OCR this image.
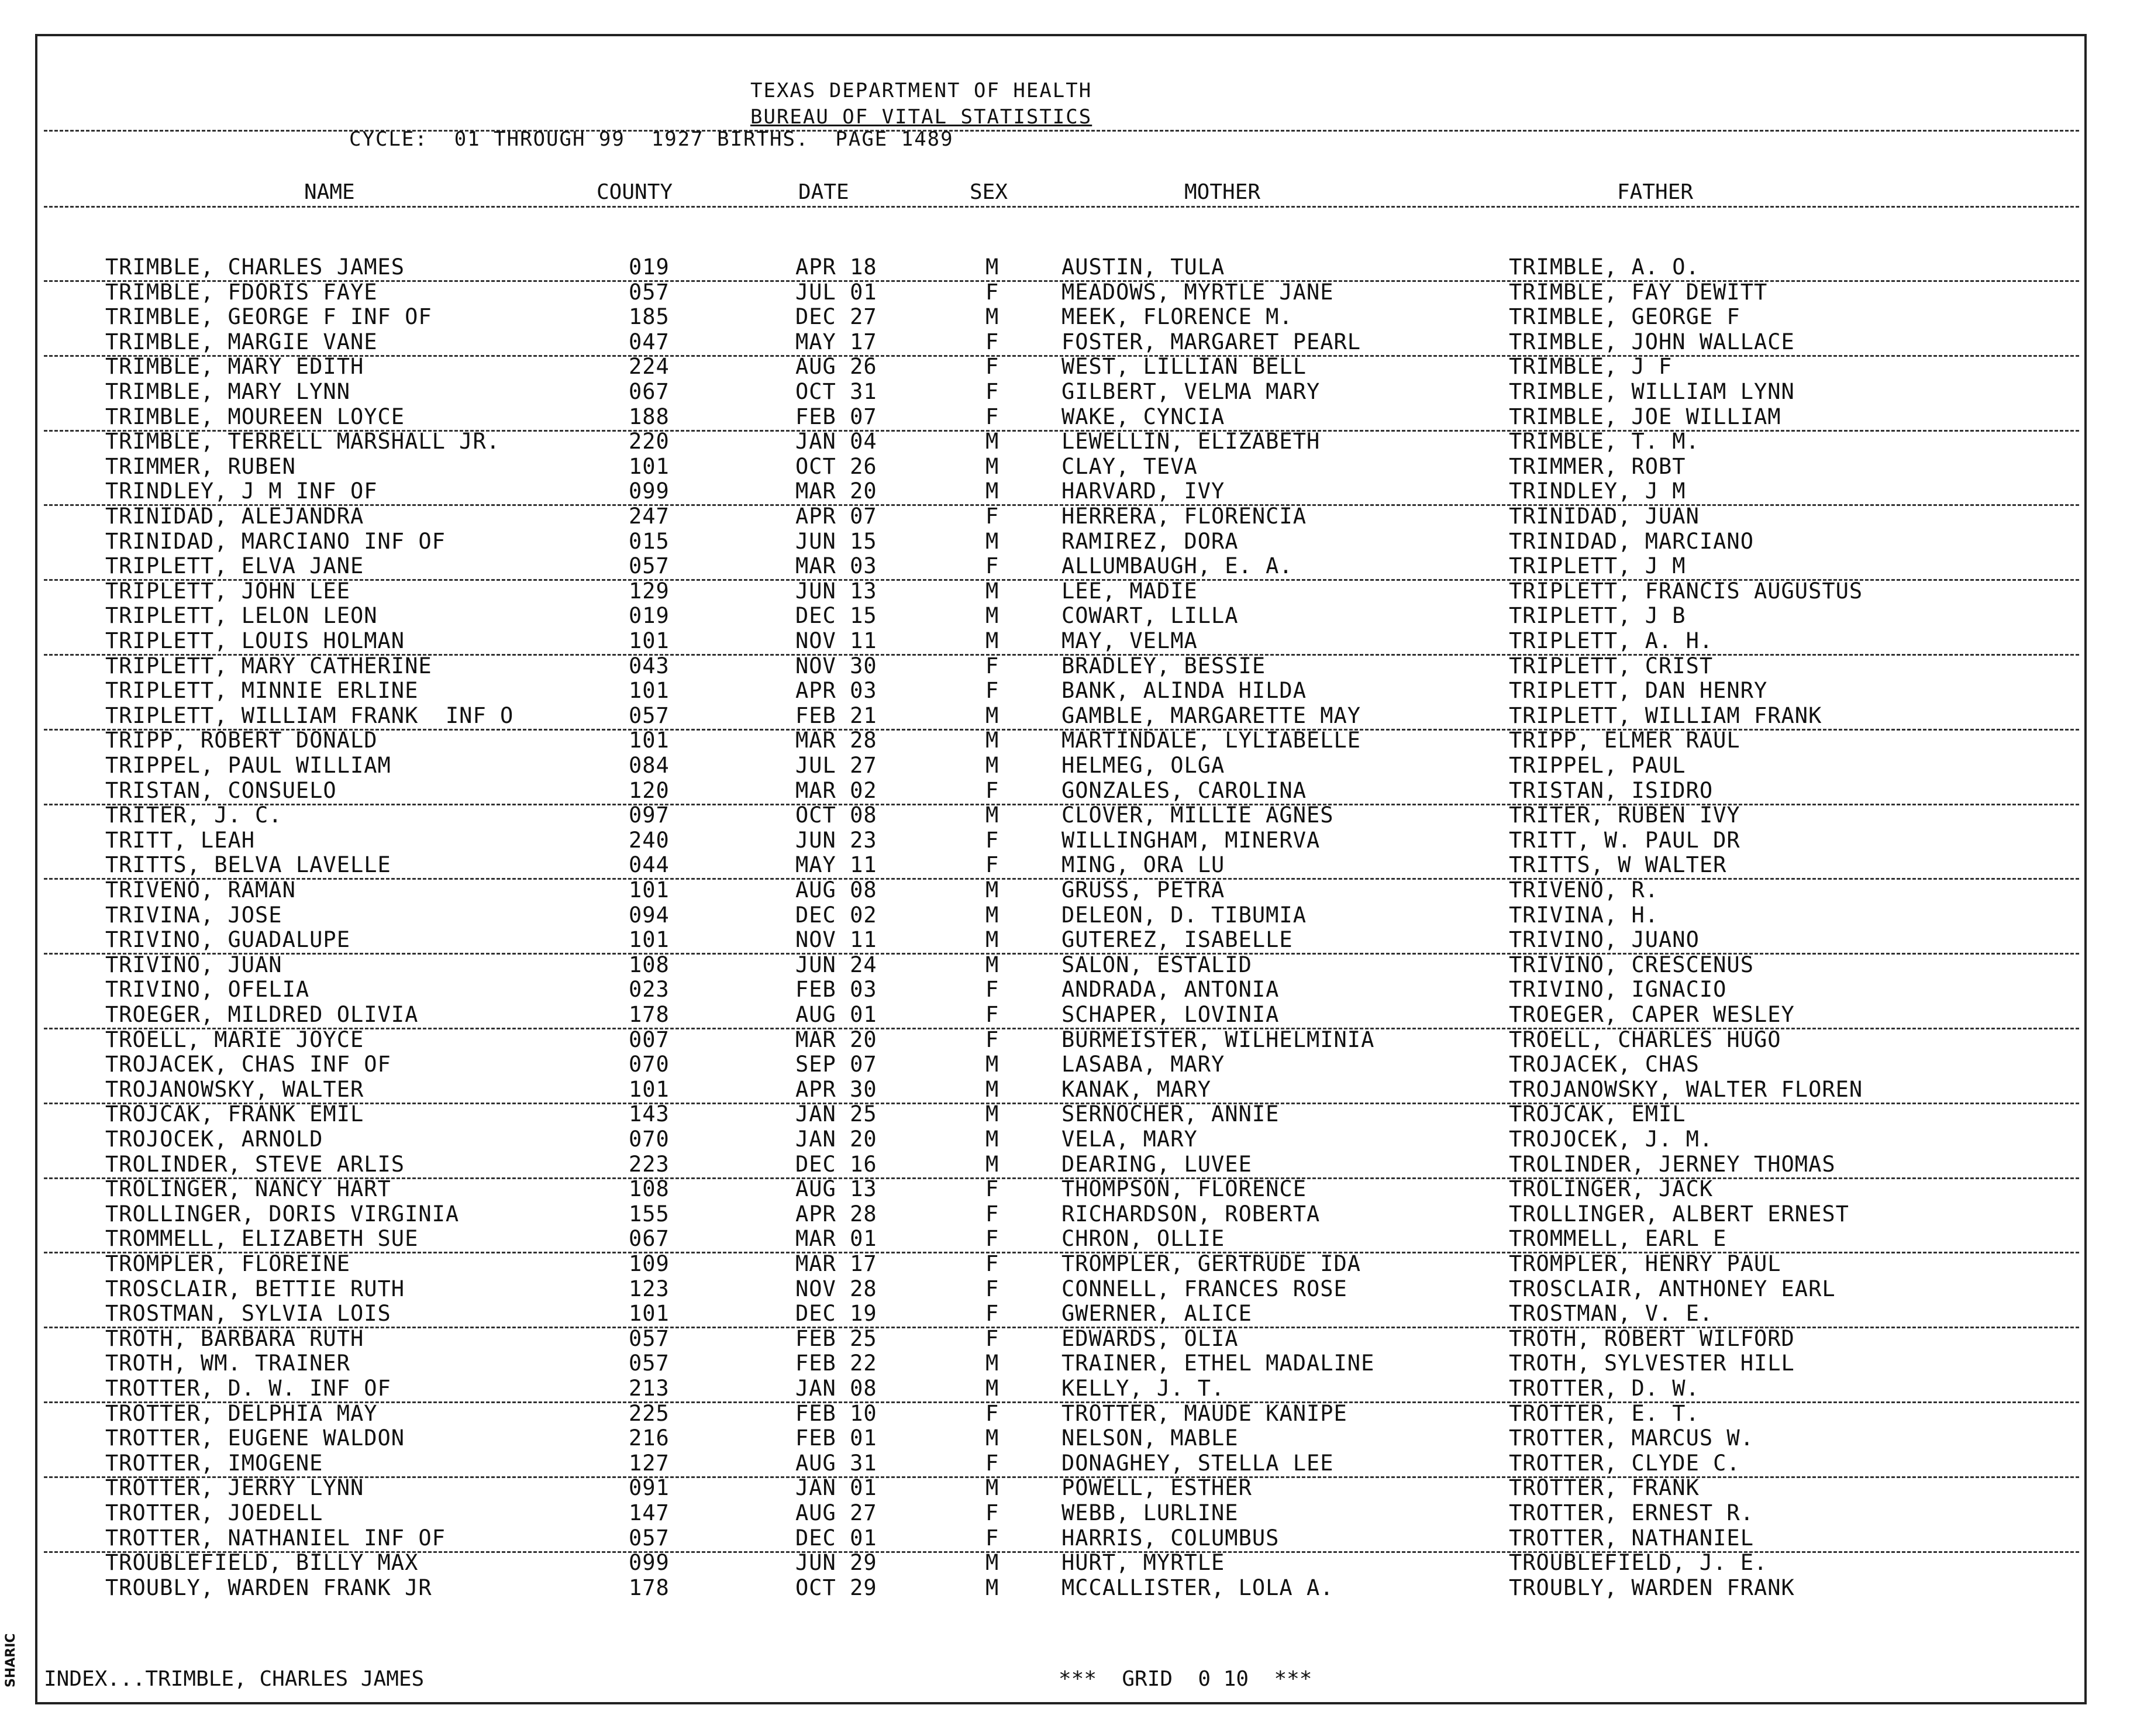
TEXAS DEPARTMENT OF HEALTH
BUREAU OF VITAL STATISTICS
CYCLE:  01 THROUGH 99  1927 BIRTHS.  PAGE 1489
NAME	COUNTY	DATE	SEX	MOTHER	FATHER
TRIMBLE, CHARLES JAMES	019	APR 18	M	AUSTIN, TULA	TRIMBLE, A. O.
TRIMBLE, FDORIS FAYE	057	JUL 01	F	MEADOWS, MYRTLE JANE	TRIMBLE, FAY DEWITT
TRIMBLE, GEORGE F INF OF	185	DEC 27	M	MEEK, FLORENCE M.	TRIMBLE, GEORGE F
TRIMBLE, MARGIE VANE	047	MAY 17	F	FOSTER, MARGARET PEARL	TRIMBLE, JOHN WALLACE
TRIMBLE, MARY EDITH	224	AUG 26	F	WEST, LILLIAN BELL	TRIMBLE, J F
TRIMBLE, MARY LYNN	067	OCT 31	F	GILBERT, VELMA MARY	TRIMBLE, WILLIAM LYNN
TRIMBLE, MOUREEN LOYCE	188	FEB 07	F	WAKE, CYNCIA	TRIMBLE, JOE WILLIAM
TRIMBLE, TERRELL MARSHALL JR.	220	JAN 04	M	LEWELLIN, ELIZABETH	TRIMBLE, T. M.
TRIMMER, RUBEN	101	OCT 26	M	CLAY, TEVA	TRIMMER, ROBT
TRINDLEY, J M INF OF	099	MAR 20	M	HARVARD, IVY	TRINDLEY, J M
TRINIDAD, ALEJANDRA	247	APR 07	F	HERRERA, FLORENCIA	TRINIDAD, JUAN
TRINIDAD, MARCIANO INF OF	015	JUN 15	M	RAMIREZ, DORA	TRINIDAD, MARCIANO
TRIPLETT, ELVA JANE	057	MAR 03	F	ALLUMBAUGH, E. A.	TRIPLETT, J M
TRIPLETT, JOHN LEE	129	JUN 13	M	LEE, MADIE	TRIPLETT, FRANCIS AUGUSTUS
TRIPLETT, LELON LEON	019	DEC 15	M	COWART, LILLA	TRIPLETT, J B
TRIPLETT, LOUIS HOLMAN	101	NOV 11	M	MAY, VELMA	TRIPLETT, A. H.
TRIPLETT, MARY CATHERINE	043	NOV 30	F	BRADLEY, BESSIE	TRIPLETT, CRIST
TRIPLETT, MINNIE ERLINE	101	APR 03	F	BANK, ALINDA HILDA	TRIPLETT, DAN HENRY
TRIPLETT, WILLIAM FRANK  INF O	057	FEB 21	M	GAMBLE, MARGARETTE MAY	TRIPLETT, WILLIAM FRANK
TRIPP, ROBERT DONALD	101	MAR 28	M	MARTINDALE, LYLIABELLE	TRIPP, ELMER RAUL
TRIPPEL, PAUL WILLIAM	084	JUL 27	M	HELMEG, OLGA	TRIPPEL, PAUL
TRISTAN, CONSUELO	120	MAR 02	F	GONZALES, CAROLINA	TRISTAN, ISIDRO
TRITER, J. C.	097	OCT 08	M	CLOVER, MILLIE AGNES	TRITER, RUBEN IVY
TRITT, LEAH	240	JUN 23	F	WILLINGHAM, MINERVA	TRITT, W. PAUL DR
TRITTS, BELVA LAVELLE	044	MAY 11	F	MING, ORA LU	TRITTS, W WALTER
TRIVENO, RAMAN	101	AUG 08	M	GRUSS, PETRA	TRIVENO, R.
TRIVINA, JOSE	094	DEC 02	M	DELEON, D. TIBUMIA	TRIVINA, H.
TRIVINO, GUADALUPE	101	NOV 11	M	GUTEREZ, ISABELLE	TRIVINO, JUANO
TRIVINO, JUAN	108	JUN 24	M	SALON, ESTALID	TRIVINO, CRESCENUS
TRIVINO, OFELIA	023	FEB 03	F	ANDRADA, ANTONIA	TRIVINO, IGNACIO
TROEGER, MILDRED OLIVIA	178	AUG 01	F	SCHAPER, LOVINIA	TROEGER, CAPER WESLEY
TROELL, MARIE JOYCE	007	MAR 20	F	BURMEISTER, WILHELMINIA	TROELL, CHARLES HUGO
TROJACEK, CHAS INF OF	070	SEP 07	M	LASABA, MARY	TROJACEK, CHAS
TROJANOWSKY, WALTER	101	APR 30	M	KANAK, MARY	TROJANOWSKY, WALTER FLOREN
TROJCAK, FRANK EMIL	143	JAN 25	M	SERNOCHER, ANNIE	TROJCAK, EMIL
TROJOCEK, ARNOLD	070	JAN 20	M	VELA, MARY	TROJOCEK, J. M.
TROLINDER, STEVE ARLIS	223	DEC 16	M	DEARING, LUVEE	TROLINDER, JERNEY THOMAS
TROLINGER, NANCY HART	108	AUG 13	F	THOMPSON, FLORENCE	TROLINGER, JACK
TROLLINGER, DORIS VIRGINIA	155	APR 28	F	RICHARDSON, ROBERTA	TROLLINGER, ALBERT ERNEST
TROMMELL, ELIZABETH SUE	067	MAR 01	F	CHRON, OLLIE	TROMMELL, EARL E
TROMPLER, FLOREINE	109	MAR 17	F	TROMPLER, GERTRUDE IDA	TROMPLER, HENRY PAUL
TROSCLAIR, BETTIE RUTH	123	NOV 28	F	CONNELL, FRANCES ROSE	TROSCLAIR, ANTHONEY EARL
TROSTMAN, SYLVIA LOIS	101	DEC 19	F	GWERNER, ALICE	TROSTMAN, V. E.
TROTH, BARBARA RUTH	057	FEB 25	F	EDWARDS, OLIA	TROTH, ROBERT WILFORD
TROTH, WM. TRAINER	057	FEB 22	M	TRAINER, ETHEL MADALINE	TROTH, SYLVESTER HILL
TROTTER, D. W. INF OF	213	JAN 08	M	KELLY, J. T.	TROTTER, D. W.
TROTTER, DELPHIA MAY	225	FEB 10	F	TROTTER, MAUDE KANIPE	TROTTER, E. T.
TROTTER, EUGENE WALDON	216	FEB 01	M	NELSON, MABLE	TROTTER, MARCUS W.
TROTTER, IMOGENE	127	AUG 31	F	DONAGHEY, STELLA LEE	TROTTER, CLYDE C.
TROTTER, JERRY LYNN	091	JAN 01	M	POWELL, ESTHER	TROTTER, FRANK
TROTTER, JOEDELL	147	AUG 27	F	WEBB, LURLINE	TROTTER, ERNEST R.
TROTTER, NATHANIEL INF OF	057	DEC 01	F	HARRIS, COLUMBUS	TROTTER, NATHANIEL
TROUBLEFIELD, BILLY MAX	099	JUN 29	M	HURT, MYRTLE	TROUBLEFIELD, J. E.
TROUBLY, WARDEN FRANK JR	178	OCT 29	M	MCCALLISTER, LOLA A.	TROUBLY, WARDEN FRANK
INDEX...TRIMBLE, CHARLES JAMES	***  GRID  0 10  ***
SHARIC
